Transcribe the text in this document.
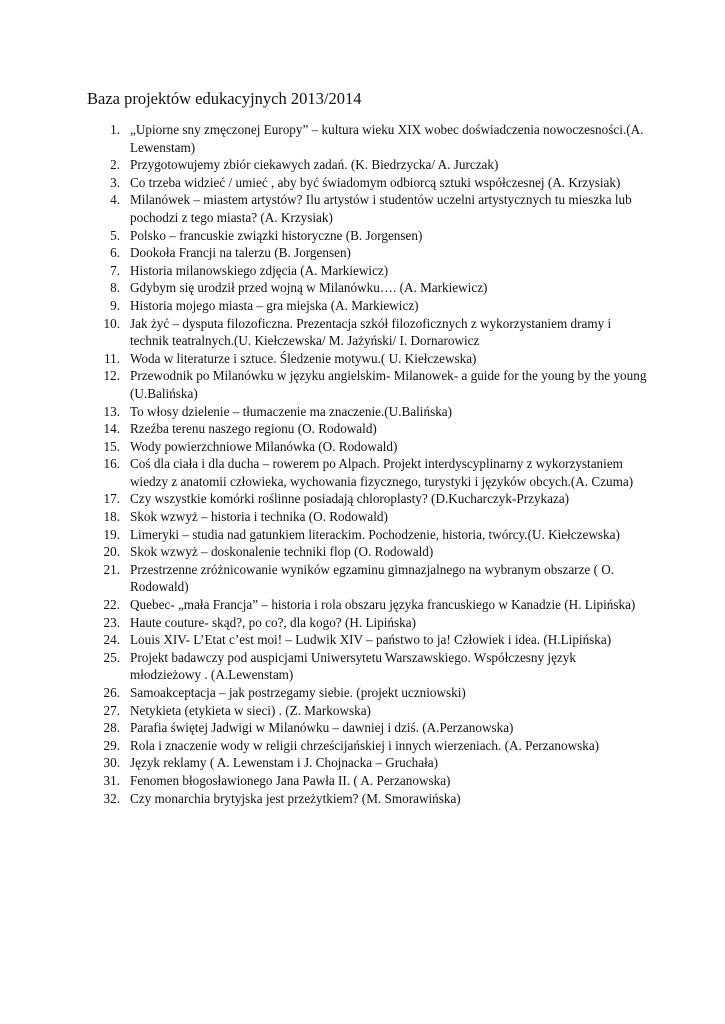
Baza projektów edukacyjnych 2013/2014
1. „Upiorne sny zmęczonej Europy” – kultura wieku XIX wobec doświadczenia nowoczesności.(A. Lewenstam)
2. Przygotowujemy zbiór ciekawych zadań. (K. Biedrzycka/ A. Jurczak)
3. Co trzeba widzieć / umieć , aby być świadomym odbiorcą sztuki współczesnej (A. Krzysiak)
4. Milanówek – miastem artystów? Ilu artystów i studentów uczelni artystycznych tu mieszka lub pochodzi z tego miasta? (A. Krzysiak)
5. Polsko – francuskie związki historyczne (B. Jorgensen)
6. Dookoła Francji na talerzu (B. Jorgensen)
7. Historia milanowskiego zdjęcia (A. Markiewicz)
8. Gdybym się urodził przed wojną w Milanówku…. (A. Markiewicz)
9. Historia mojego miasta – gra miejska (A. Markiewicz)
10. Jak żyć – dysputa filozoficzna. Prezentacja szkół filozoficznych z wykorzystaniem dramy i technik teatralnych.(U. Kiełczewska/ M. Jażyński/ I. Dornarowicz
11. Woda w literaturze i sztuce. Śledzenie motywu.( U. Kiełczewska)
12. Przewodnik po Milanówku w języku angielskim- Milanowek- a guide for the young by the young (U.Balińska)
13. To włosy dzielenie – tłumaczenie ma znaczenie.(U.Balińska)
14. Rzeźba terenu naszego regionu (O. Rodowald)
15. Wody powierzchniowe Milanówka (O. Rodowald)
16. Coś dla ciała i dla ducha – rowerem po Alpach. Projekt interdyscyplinarny z wykorzystaniem wiedzy z anatomii człowieka, wychowania fizycznego, turystyki i języków obcych.(A. Czuma)
17. Czy wszystkie komórki roślinne posiadają chloroplasty? (D.Kucharczyk-Przykaza)
18. Skok wzwyż – historia i technika (O. Rodowald)
19. Limeryki – studia nad gatunkiem literackim. Pochodzenie, historia, twórcy.(U. Kiełczewska)
20. Skok wzwyż – doskonalenie techniki flop (O. Rodowald)
21. Przestrzenne zróżnicowanie wyników egzaminu gimnazjalnego na wybranym obszarze ( O. Rodowald)
22. Quebec- „mała Francja” – historia i rola obszaru języka francuskiego w Kanadzie (H. Lipińska)
23. Haute couture- skąd?, po co?, dla kogo? (H. Lipińska)
24. Louis XIV- L’Etat c’est moi! – Ludwik XIV – państwo to ja! Człowiek i idea. (H.Lipińska)
25. Projekt badawczy pod auspicjami Uniwersytetu Warszawskiego. Współczesny język młodzieżowy . (A.Lewenstam)
26. Samoakceptacja – jak postrzegamy siebie. (projekt uczniowski)
27. Netykieta (etykieta w sieci) . (Z. Markowska)
28. Parafia świętej Jadwigi w Milanówku – dawniej i dziś. (A.Perzanowska)
29. Rola i znaczenie wody w religii chrześcijańskiej i innych wierzeniach. (A. Perzanowska)
30. Język reklamy ( A. Lewenstam i J. Chojnacka – Gruchała)
31. Fenomen błogosławionego Jana Pawła II. ( A. Perzanowska)
32. Czy monarchia brytyjska jest przeżytkiem? (M. Smorawińska)
